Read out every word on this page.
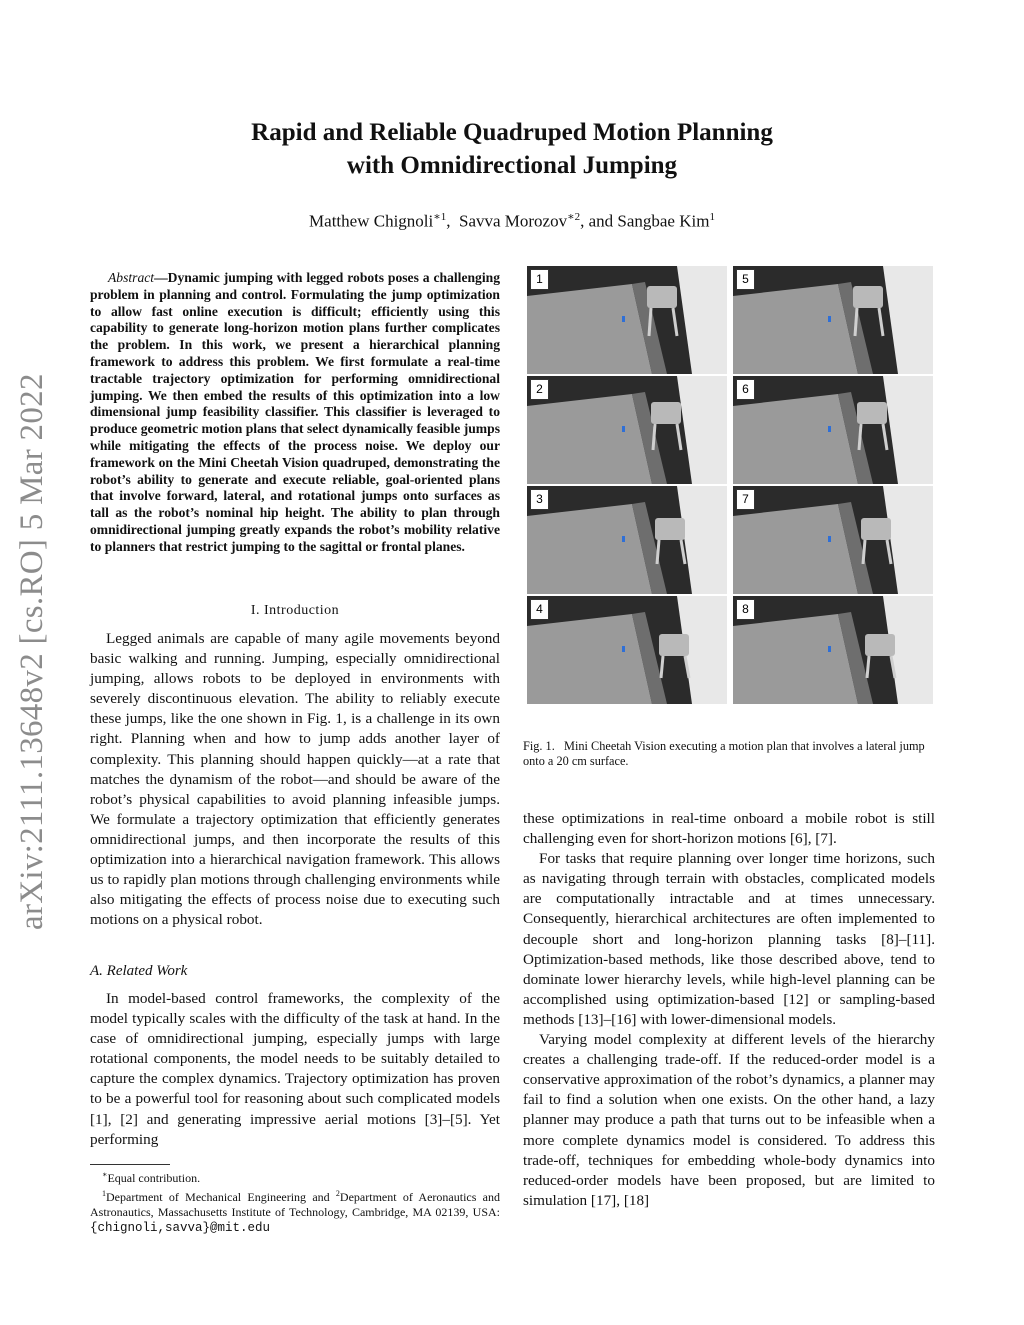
arXiv:2111.13648v2 [cs.RO] 5 Mar 2022
Rapid and Reliable Quadruped Motion Planning
with Omnidirectional Jumping
Matthew Chignoli$^{∗1}$,  Savva Morozov$^{∗2}$, and Sangbae Kim$^1$
Abstract—Dynamic jumping with legged robots poses a challenging problem in planning and control. Formulating the jump optimization to allow fast online execution is difficult; efficiently using this capability to generate long-horizon motion plans further complicates the problem. In this work, we present a hierarchical planning framework to address this problem. We first formulate a real-time tractable trajectory optimization for performing omnidirectional jumping. We then embed the results of this optimization into a low dimensional jump feasibility classifier. This classifier is leveraged to produce geometric motion plans that select dynamically feasible jumps while mitigating the effects of the process noise. We deploy our framework on the Mini Cheetah Vision quadruped, demonstrating the robot’s ability to generate and execute reliable, goal-oriented plans that involve forward, lateral, and rotational jumps onto surfaces as tall as the robot’s nominal hip height. The ability to plan through omnidirectional jumping greatly expands the robot’s mobility relative to planners that restrict jumping to the sagittal or frontal planes.
I. Introduction

Legged animals are capable of many agile movements beyond basic walking and running. Jumping, especially omnidirectional jumping, allows robots to be deployed in environments with severely discontinuous elevation. The ability to reliably execute these jumps, like the one shown in Fig. 1, is a challenge in its own right. Planning when and how to jump adds another layer of complexity. This planning should happen quickly—at a rate that matches the dynamism of the robot—and should be aware of the robot’s physical capabilities to avoid planning infeasible jumps. We formulate a trajectory optimization that efficiently generates omnidirectional jumps, and then incorporate the results of this optimization into a hierarchical navigation framework. This allows us to rapidly plan motions through challenging environments while also mitigating the effects of process noise due to executing such motions on a physical robot.

A. Related Work

In model-based control frameworks, the complexity of the model typically scales with the difficulty of the task at hand. In the case of omnidirectional jumping, especially jumps with large rotational components, the model needs to be suitably detailed to capture the complex dynamics. Trajectory optimization has proven to be a powerful tool for reasoning about such complicated models [1], [2] and generating impressive aerial motions [3]–[5]. Yet performing

∗Equal contribution.
$^1$Department of Mechanical Engineering and $^2$Department of Aeronautics and Astronautics, Massachusetts Institute of Technology, Cambridge, MA 02139, USA: {chignoli,savva}@mit.edu
1
2
3
4
5
6
7
8
Fig. 1. Mini Cheetah Vision executing a motion plan that involves a lateral jump onto a 20 cm surface.

these optimizations in real-time onboard a mobile robot is still challenging even for short-horizon motions [6], [7].

For tasks that require planning over longer time horizons, such as navigating through terrain with obstacles, complicated models are computationally intractable and at times unnecessary. Consequently, hierarchical architectures are often implemented to decouple short and long-horizon planning tasks [8]–[11]. Optimization-based methods, like those described above, tend to dominate lower hierarchy levels, while high-level planning can be accomplished using optimization-based [12] or sampling-based methods [13]–[16] with lower-dimensional models.

Varying model complexity at different levels of the hierarchy creates a challenging trade-off. If the reduced-order model is a conservative approximation of the robot’s dynamics, a planner may fail to find a solution when one exists. On the other hand, a lazy planner may produce a path that turns out to be infeasible when a more complete dynamics model is considered. To address this trade-off, techniques for embedding whole-body dynamics into reduced-order models have been proposed, but are limited to simulation [17], [18]
